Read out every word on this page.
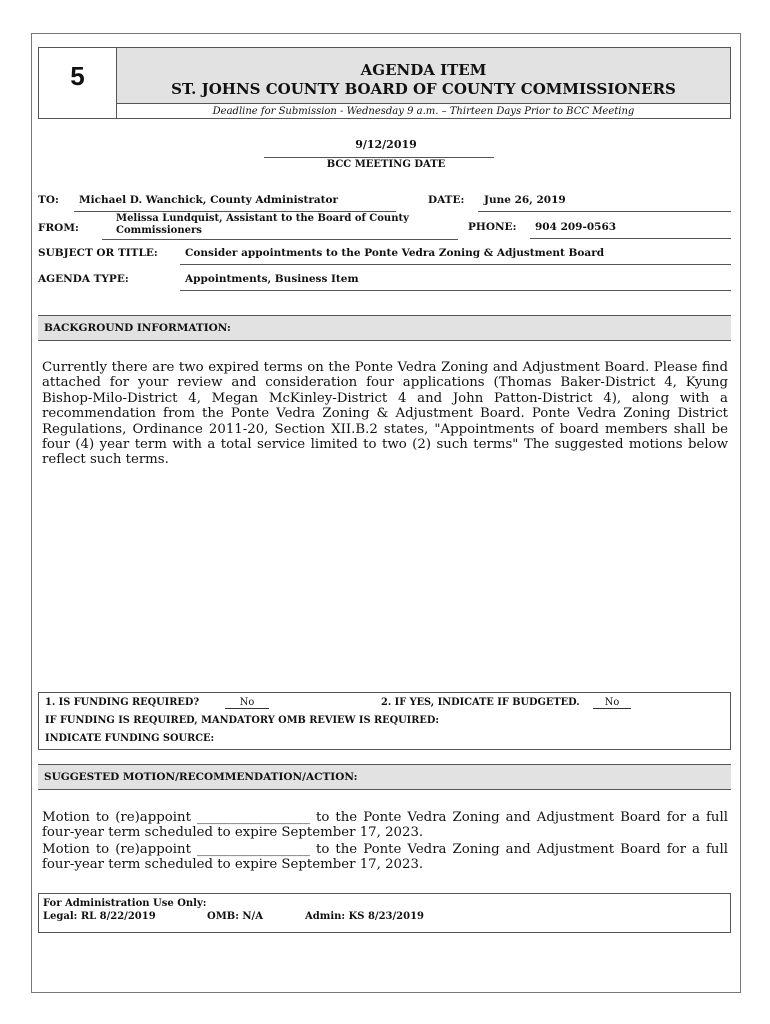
5	AGENDA ITEM
ST. JOHNS COUNTY BOARD OF COUNTY COMMISSIONERS
Deadline for Submission - Wednesday 9 a.m. – Thirteen Days Prior to BCC Meeting
9/12/2019
BCC MEETING DATE
TO: Michael D. Wanchick, County Administrator	DATE: June 26, 2019
FROM:
Melissa Lundquist, Assistant to the Board of County
Commissioners	PHONE: 904 209-0563
SUBJECT OR TITLE:	Consider appointments to the Ponte Vedra Zoning & Adjustment Board
AGENDA TYPE:	Appointments, Business Item
BACKGROUND INFORMATION:
Currently there are two expired terms on the Ponte Vedra Zoning and Adjustment Board. Please find attached for your review and consideration four applications (Thomas Baker-District 4, Kyung Bishop-Milo-District 4, Megan McKinley-District 4 and John Patton-District 4), along with a recommendation from the Ponte Vedra Zoning & Adjustment Board. Ponte Vedra Zoning District Regulations, Ordinance 2011-20, Section XII.B.2 states, "Appointments of board members shall be four (4) year term with a total service limited to two (2) such terms" The suggested motions below reflect such terms.
1. IS FUNDING REQUIRED?	No	2. IF YES, INDICATE IF BUDGETED.	No
IF FUNDING IS REQUIRED, MANDATORY OMB REVIEW IS REQUIRED:
INDICATE FUNDING SOURCE:
SUGGESTED MOTION/RECOMMENDATION/ACTION:
Motion to (re)appoint _________________ to the Ponte Vedra Zoning and Adjustment Board for a full four-year term scheduled to expire September 17, 2023.
Motion to (re)appoint _________________ to the Ponte Vedra Zoning and Adjustment Board for a full four-year term scheduled to expire September 17, 2023.
For Administration Use Only:
Legal: RL 8/22/2019	OMB: N/A	Admin: KS 8/23/2019
